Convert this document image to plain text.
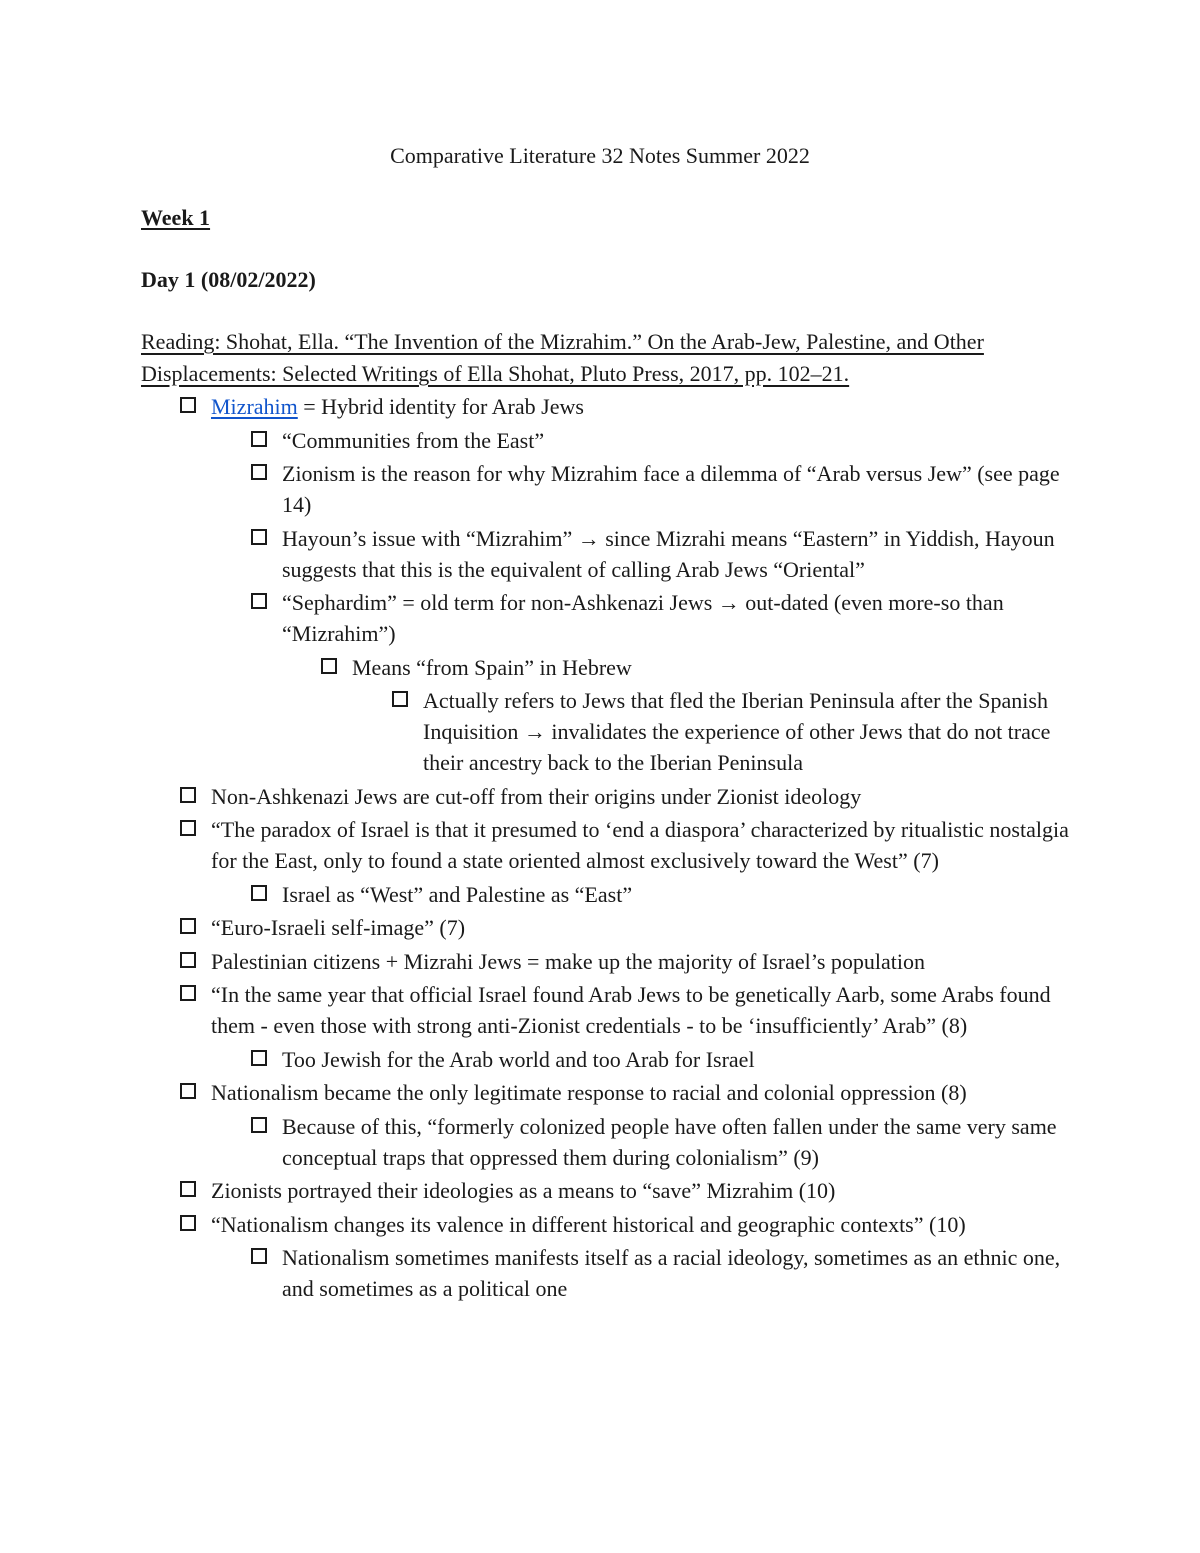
Comparative Literature 32 Notes Summer 2022
Week 1
Day 1 (08/02/2022)
Reading: Shohat, Ella. “The Invention of the Mizrahim.” On the Arab-Jew, Palestine, and Other Displacements: Selected Writings of Ella Shohat, Pluto Press, 2017, pp. 102–21.
Mizrahim = Hybrid identity for Arab Jews
“Communities from the East”
Zionism is the reason for why Mizrahim face a dilemma of “Arab versus Jew” (see page 14)
Hayoun’s issue with “Mizrahim” → since Mizrahi means “Eastern” in Yiddish, Hayoun suggests that this is the equivalent of calling Arab Jews “Oriental”
“Sephardim” = old term for non-Ashkenazi Jews → out-dated (even more-so than “Mizrahim”)
Means “from Spain” in Hebrew
Actually refers to Jews that fled the Iberian Peninsula after the Spanish Inquisition → invalidates the experience of other Jews that do not trace their ancestry back to the Iberian Peninsula
Non-Ashkenazi Jews are cut-off from their origins under Zionist ideology
“The paradox of Israel is that it presumed to ‘end a diaspora’ characterized by ritualistic nostalgia for the East, only to found a state oriented almost exclusively toward the West” (7)
Israel as “West” and Palestine as “East”
“Euro-Israeli self-image” (7)
Palestinian citizens + Mizrahi Jews = make up the majority of Israel’s population
“In the same year that official Israel found Arab Jews to be genetically Aarb, some Arabs found them - even those with strong anti-Zionist credentials - to be ‘insufficiently’ Arab” (8)
Too Jewish for the Arab world and too Arab for Israel
Nationalism became the only legitimate response to racial and colonial oppression (8)
Because of this, “formerly colonized people have often fallen under the same very same conceptual traps that oppressed them during colonialism” (9)
Zionists portrayed their ideologies as a means to “save” Mizrahim (10)
“Nationalism changes its valence in different historical and geographic contexts” (10)
Nationalism sometimes manifests itself as a racial ideology, sometimes as an ethnic one, and sometimes as a political one
